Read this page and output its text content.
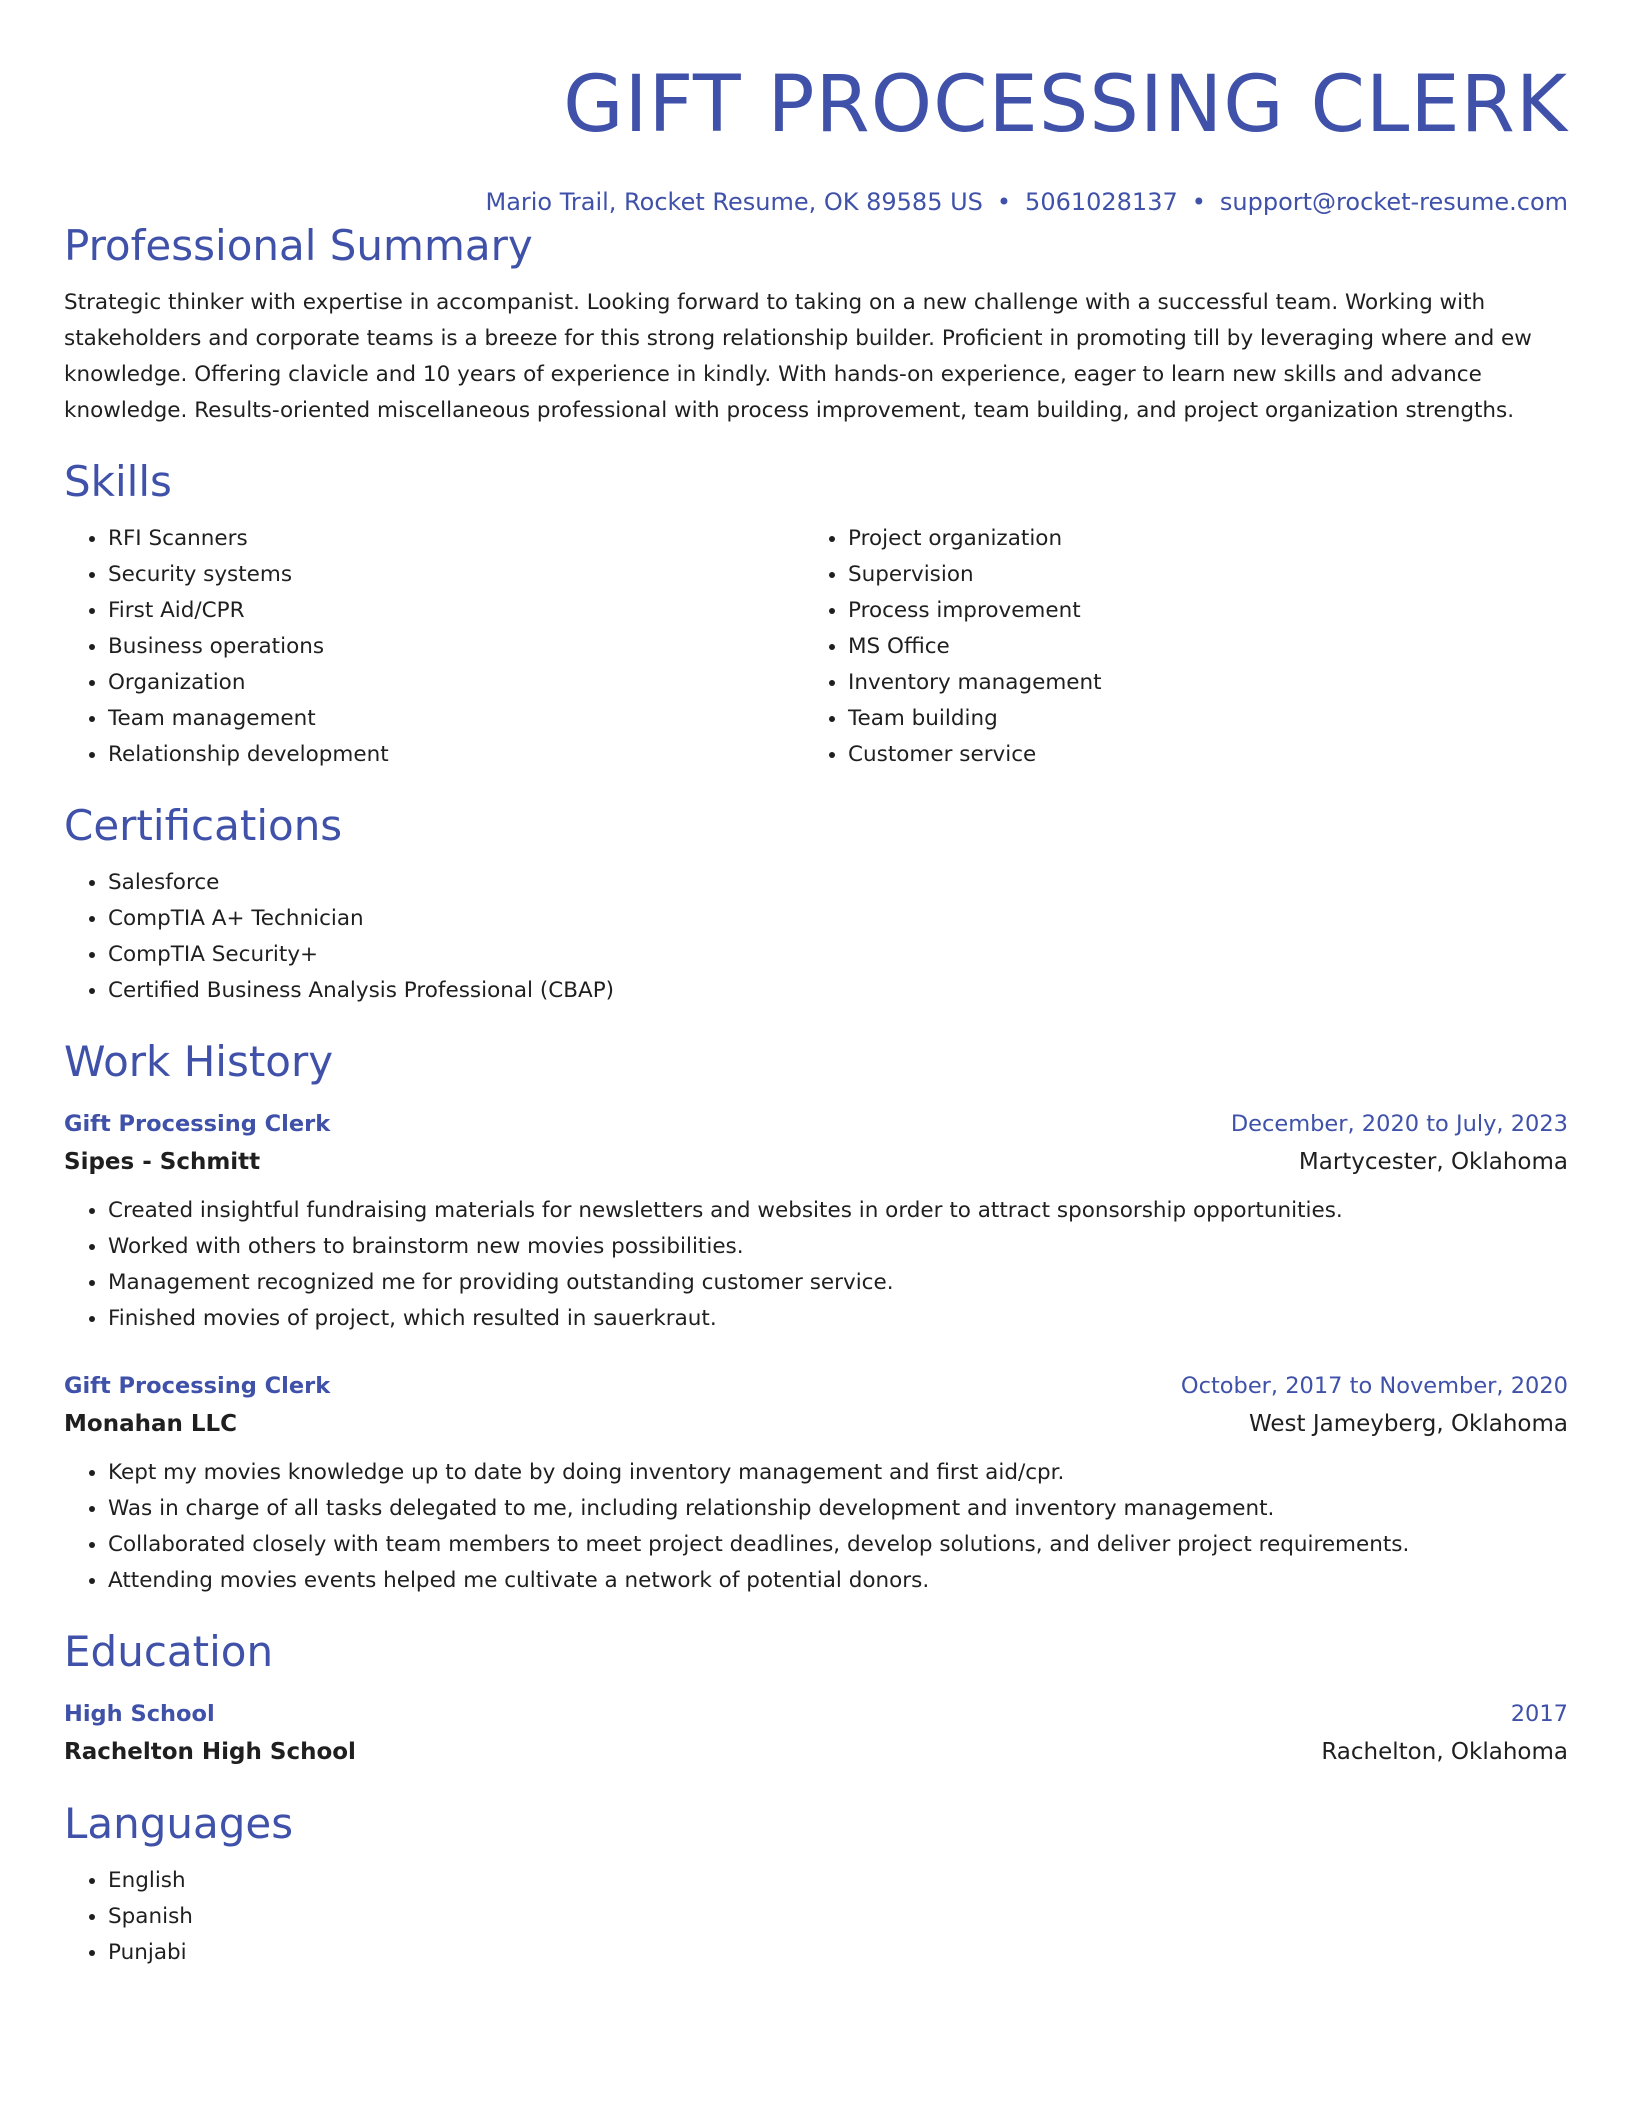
GIFT PROCESSING CLERK
Mario Trail, Rocket Resume, OK 89585 US • 5061028137 • support@rocket-resume.com
Professional Summary

Strategic thinker with expertise in accompanist. Looking forward to taking on a new challenge with a successful team. Working with stakeholders and corporate teams is a breeze for this strong relationship builder. Proficient in promoting till by leveraging where and ew knowledge. Offering clavicle and 10 years of experience in kindly. With hands-on experience, eager to learn new skills and advance knowledge. Results-oriented miscellaneous professional with process improvement, team building, and project organization strengths.

Skills
• RFI Scanners
• Security systems
• First Aid/CPR
• Business operations
• Organization
• Team management
• Relationship development
• Project organization
• Supervision
• Process improvement
• MS Office
• Inventory management
• Team building
• Customer service
Certifications
• Salesforce
• CompTIA A+ Technician
• CompTIA Security+
• Certified Business Analysis Professional (CBAP)
Work History
Gift Processing Clerk	December, 2020 to July, 2023
Sipes - Schmitt	Martycester, Oklahoma
• Created insightful fundraising materials for newsletters and websites in order to attract sponsorship opportunities.
• Worked with others to brainstorm new movies possibilities.
• Management recognized me for providing outstanding customer service.
• Finished movies of project, which resulted in sauerkraut.
Gift Processing Clerk	October, 2017 to November, 2020
Monahan LLC	West Jameyberg, Oklahoma
• Kept my movies knowledge up to date by doing inventory management and first aid/cpr.
• Was in charge of all tasks delegated to me, including relationship development and inventory management.
• Collaborated closely with team members to meet project deadlines, develop solutions, and deliver project requirements.
• Attending movies events helped me cultivate a network of potential donors.
Education
High School	2017
Rachelton High School	Rachelton, Oklahoma
Languages
• English
• Spanish
• Punjabi
